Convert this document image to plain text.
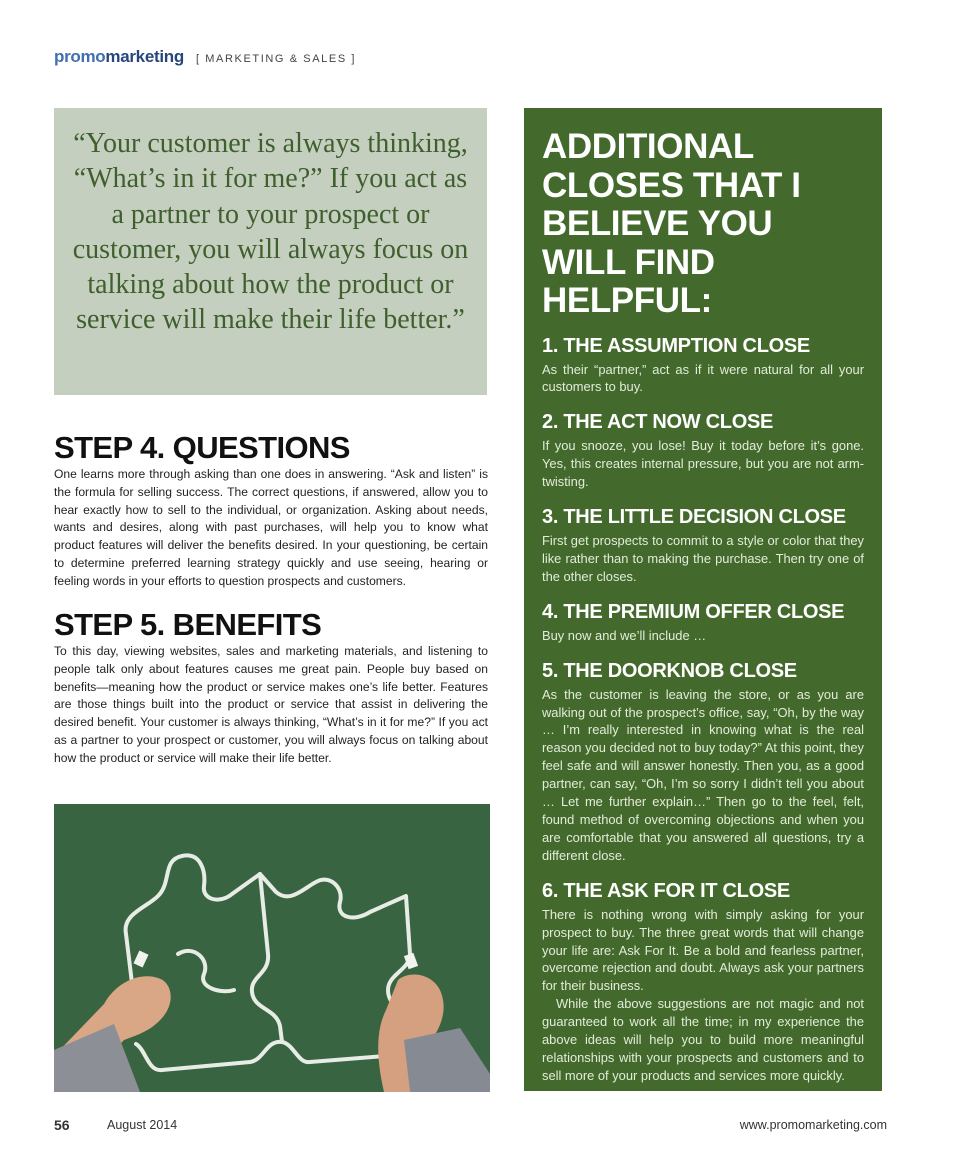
promomarketing [ MARKETING & SALES ]
“Your customer is always thinking, “What’s in it for me?” If you act as a partner to your prospect or customer, you will always focus on talking about how the product or service will make their life better.”
STEP 4. QUESTIONS

One learns more through asking than one does in answering. “Ask and listen” is the formula for selling success. The correct questions, if answered, allow you to hear exactly how to sell to the individual, or organization. Asking about needs, wants and desires, along with past purchases, will help you to know what product features will deliver the benefits desired. In your questioning, be certain to determine preferred learning strategy quickly and use seeing, hearing or feeling words in your efforts to question prospects and customers.

STEP 5. BENEFITS

To this day, viewing websites, sales and marketing materials, and listening to people talk only about features causes me great pain. People buy based on benefits—meaning how the product or service makes one’s life better. Features are those things built into the product or service that assist in delivering the desired benefit. Your customer is always thinking, “What’s in it for me?” If you act as a partner to your prospect or customer, you will always focus on talking about how the product or service will make their life better.

ADDITIONAL CLOSES THAT I BELIEVE YOU WILL FIND HELPFUL:
1. THE ASSUMPTION CLOSE

As their “partner,” act as if it were natural for all your customers to buy.

2. THE ACT NOW CLOSE

If you snooze, you lose! Buy it today before it’s gone. Yes, this creates internal pressure, but you are not arm-twisting.

3. THE LITTLE DECISION CLOSE

First get prospects to commit to a style or color that they like rather than to making the purchase. Then try one of the other closes.

4. THE PREMIUM OFFER CLOSE

Buy now and we’ll include …

5. THE DOORKNOB CLOSE

As the customer is leaving the store, or as you are walking out of the prospect’s office, say, “Oh, by the way … I’m really interested in knowing what is the real reason you decided not to buy today?” At this point, they feel safe and will answer honestly. Then you, as a good partner, can say, “Oh, I’m so sorry I didn’t tell you about … Let me further explain…” Then go to the feel, felt, found method of overcoming objections and when you are comfortable that you answered all questions, try a different close.

6. THE ASK FOR IT CLOSE

There is nothing wrong with simply asking for your prospect to buy. The three great words that will change your life are: Ask For It. Be a bold and fearless partner, overcome rejection and doubt. Always ask your partners for their business.

While the above suggestions are not magic and not guaranteed to work all the time; in my experience the above ideas will help you to build more meaningful relationships with your prospects and customers and to sell more of your products and services more quickly.

56	August 2014	www.promomarketing.com
